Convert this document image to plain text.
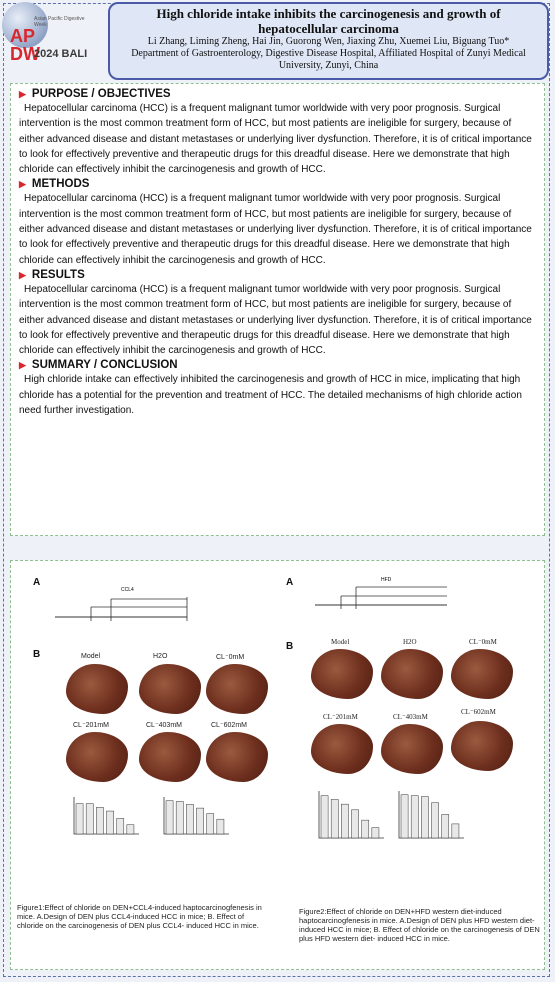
Asian Pacific Digestive Week
AP
DW
2024 BALI
High chloride intake inhibits the carcinogenesis and growth of hepatocellular carcinoma
Li Zhang, Liming Zheng, Hai Jin, Guorong Wen, Jiaxing Zhu, Xuemei Liu, Biguang Tuo*
Department of Gastroenterology, Digestive Disease Hospital, Affiliated Hospital of Zunyi Medical University, Zunyi, China
▶ PURPOSE / OBJECTIVES

Hepatocellular carcinoma (HCC) is a frequent malignant tumor worldwide with very poor prognosis. Surgical intervention is the most common treatment form of HCC, but most patients are ineligible for surgery, because of either advanced disease and distant metastases or underlying liver dysfunction. Therefore, it is of critical importance to look for effectively preventive and therapeutic drugs for this dreadful disease. Here we demonstrate that high chloride can effectively inhibit the carcinogenesis and growth of HCC.

▶ METHODS

Hepatocellular carcinoma (HCC) is a frequent malignant tumor worldwide with very poor prognosis. Surgical intervention is the most common treatment form of HCC, but most patients are ineligible for surgery, because of either advanced disease and distant metastases or underlying liver dysfunction. Therefore, it is of critical importance to look for effectively preventive and therapeutic drugs for this dreadful disease. Here we demonstrate that high chloride can effectively inhibit the carcinogenesis and growth of HCC.

▶ RESULTS

Hepatocellular carcinoma (HCC) is a frequent malignant tumor worldwide with very poor prognosis. Surgical intervention is the most common treatment form of HCC, but most patients are ineligible for surgery, because of either advanced disease and distant metastases or underlying liver dysfunction. Therefore, it is of critical importance to look for effectively preventive and therapeutic drugs for this dreadful disease. Here we demonstrate that high chloride can effectively inhibit the carcinogenesis and growth of HCC.

▶ SUMMARY / CONCLUSION

High chloride intake can effectively inhibited the carcinogenesis and growth of HCC in mice, implicating that high chloride has a potential for the prevention and treatment of HCC. The detailed mechanisms of high chloride action need further investigation.

A
CCL4
B	Model	H2O	CL⁻0mM
CL⁻201mM	CL⁻403mM	CL⁻602mM
Figure1:Effect of chloride on DEN+CCL4-induced haptocarcinogfenesis in mice. A.Design of DEN plus CCL4-induced HCC in mice; B. Effect of chloride on the carcinogenesis of DEN plus CCL4- induced HCC in mice.
A	HFD
B	Model	H2O	CL⁻0mM
CL⁻201mM	CL⁻403mM
CL⁻602mM
Figure2:Effect of chloride on DEN+HFD western diet-induced haptocarcinogfenesis in mice. A.Design of DEN plus HFD western diet-induced HCC in mice; B. Effect of chloride on the carcinogenesis of DEN plus HFD western diet- induced HCC in mice.
